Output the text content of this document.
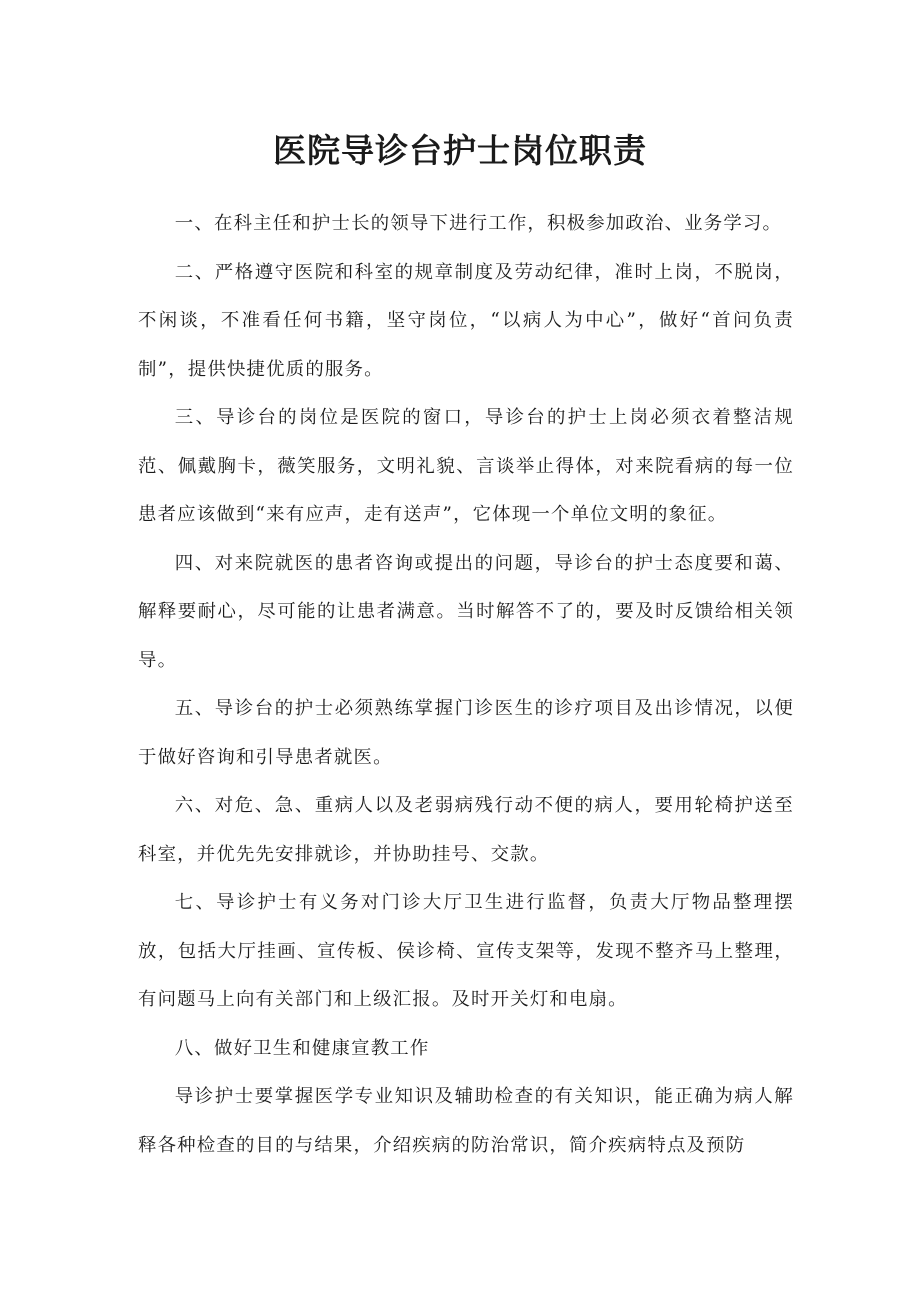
医院导诊台护士岗位职责

一、在科主任和护士长的领导下进行工作，积极参加政治、业务学习。

二、严格遵守医院和科室的规章制度及劳动纪律，准时上岗，不脱岗，不闲谈，不准看任何书籍，坚守岗位，“以病人为中心”，做好“首问负责制”，提供快捷优质的服务。

三、导诊台的岗位是医院的窗口，导诊台的护士上岗必须衣着整洁规范、佩戴胸卡，薇笑服务，文明礼貌、言谈举止得体，对来院看病的每一位患者应该做到“来有应声，走有送声”，它体现一个单位文明的象征。

四、对来院就医的患者咨询或提出的问题，导诊台的护士态度要和蔼、解释要耐心，尽可能的让患者满意。当时解答不了的，要及时反馈给相关领导。

五、导诊台的护士必须熟练掌握门诊医生的诊疗项目及出诊情况，以便于做好咨询和引导患者就医。

六、对危、急、重病人以及老弱病残行动不便的病人，要用轮椅护送至科室，并优先先安排就诊，并协助挂号、交款。

七、导诊护士有义务对门诊大厅卫生进行监督，负责大厅物品整理摆放，包括大厅挂画、宣传板、侯诊椅、宣传支架等，发现不整齐马上整理，有问题马上向有关部门和上级汇报。及时开关灯和电扇。

八、做好卫生和健康宣教工作

导诊护士要掌握医学专业知识及辅助检查的有关知识，能正确为病人解释各种检查的目的与结果，介绍疾病的防治常识，简介疾病特点及预防
